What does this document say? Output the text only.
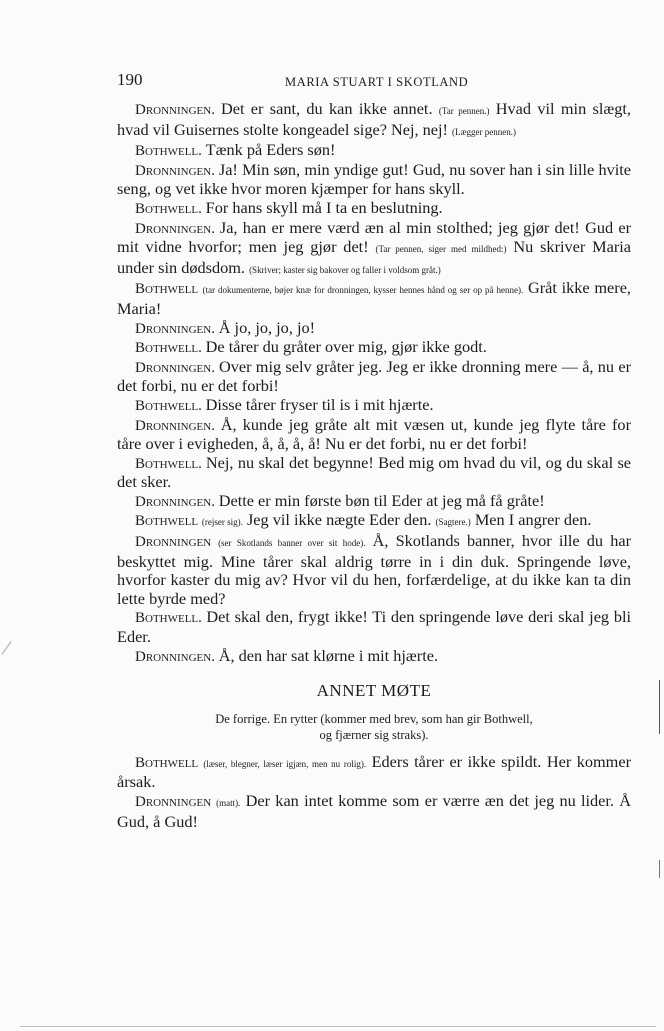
190	MARIA STUART I SKOTLAND

Dronningen. Det er sant, du kan ikke annet. (Tar pennen.) Hvad vil min slægt, hvad vil Guisernes stolte kongeadel sige? Nej, nej! (Lægger pennen.)

Bothwell. Tænk på Eders søn!

Dronningen. Ja! Min søn, min yndige gut! Gud, nu sover han i sin lille hvite seng, og vet ikke hvor moren kjæmper for hans skyll.

Bothwell. For hans skyll må I ta en beslutning.

Dronningen. Ja, han er mere værd æn al min stolthed; jeg gjør det! Gud er mit vidne hvorfor; men jeg gjør det! (Tar pennen, siger med mildhed:) Nu skriver Maria under sin dødsdom. (Skriver; kaster sig bakover og faller i voldsom gråt.)

Bothwell (tar dokumenterne, bøjer knæ for dronningen, kysser hennes hånd og ser op på henne). Gråt ikke mere, Maria!

Dronningen. Å jo, jo, jo, jo!

Bothwell. De tårer du gråter over mig, gjør ikke godt.

Dronningen. Over mig selv gråter jeg. Jeg er ikke dronning mere — å, nu er det forbi, nu er det forbi!

Bothwell. Disse tårer fryser til is i mit hjærte.

Dronningen. Å, kunde jeg gråte alt mit væsen ut, kunde jeg flyte tåre for tåre over i evigheden, å, å, å, å! Nu er det forbi, nu er det forbi!

Bothwell. Nej, nu skal det begynne! Bed mig om hvad du vil, og du skal se det sker.

Dronningen. Dette er min første bøn til Eder at jeg må få gråte!

Bothwell (rejser sig). Jeg vil ikke nægte Eder den. (Sagtere.) Men I angrer den.

Dronningen (ser Skotlands banner over sit hode). Å, Skotlands banner, hvor ille du har beskyttet mig. Mine tårer skal aldrig tørre in i din duk. Springende løve, hvorfor kaster du mig av? Hvor vil du hen, forfærdelige, at du ikke kan ta din lette byrde med?

Bothwell. Det skal den, frygt ikke! Ti den springende løve deri skal jeg bli Eder.

Dronningen. Å, den har sat klørne i mit hjærte.

ANNET MØTE
De forrige. En rytter (kommer med brev, som han gir Bothwell,
og fjærner sig straks).

Bothwell (læser, blegner, læser igjæn, men nu rolig). Eders tårer er ikke spildt. Her kommer årsak.

Dronningen (matt). Der kan intet komme som er værre æn det jeg nu lider. Å Gud, å Gud!
